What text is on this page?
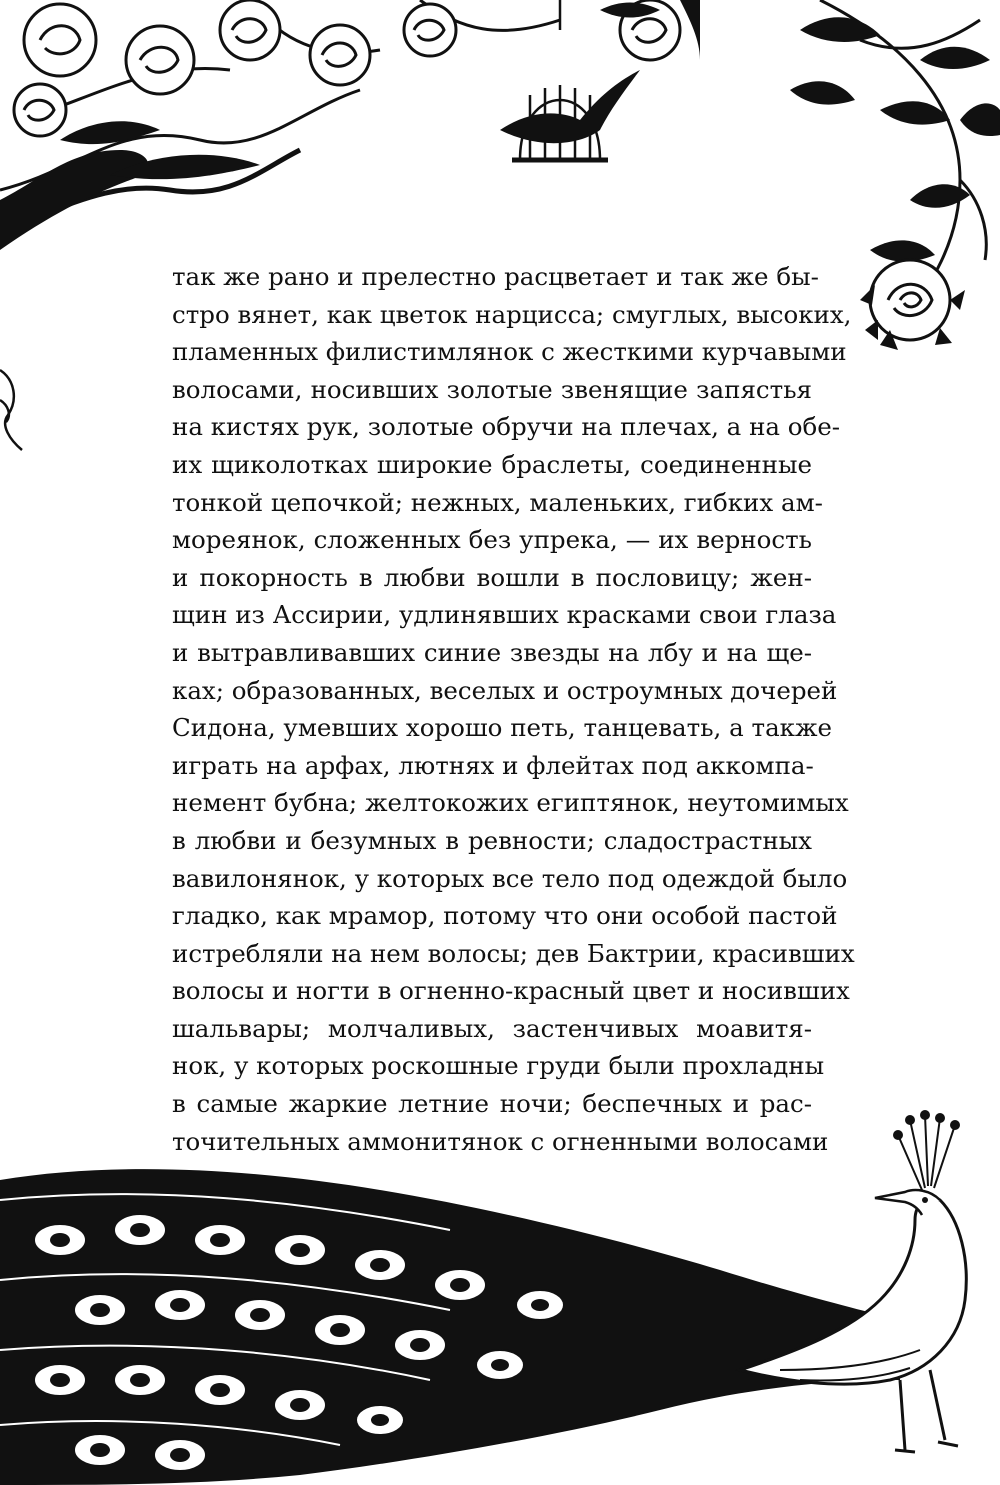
так же рано и прелестно расцветает и так же бы-
стро вянет, как цветок нарцисса; смуглых, высоких,
пламенных филистимлянок с жесткими курчавыми
волосами, носивших золотые звенящие запястья
на кистях рук, золотые обручи на плечах, а на обе-
их щиколотках широкие браслеты, соединенные
тонкой цепочкой; нежных, маленьких, гибких ам-
мореянок, сложенных без упрека, — их верность
и покорность в любви вошли в пословицу; жен-
щин из Ассирии, удлинявших красками свои глаза
и вытравливавших синие звезды на лбу и на ще-
ках; образованных, веселых и остроумных дочерей
Сидона, умевших хорошо петь, танцевать, а также
играть на арфах, лютнях и флейтах под аккомпа-
немент бубна; желтокожих египтянок, неутомимых
в любви и безумных в ревности; сладострастных
вавилонянок, у которых все тело под одеждой было
гладко, как мрамор, потому что они особой пастой
истребляли на нем волосы; дев Бактрии, красивших
волосы и ногти в огненно-красный цвет и носивших
шальвары; молчаливых, застенчивых моавитя-
нок, у которых роскошные груди были прохладны
в самые жаркие летние ночи; беспечных и рас-
точительных аммонитянок с огненными волосами
